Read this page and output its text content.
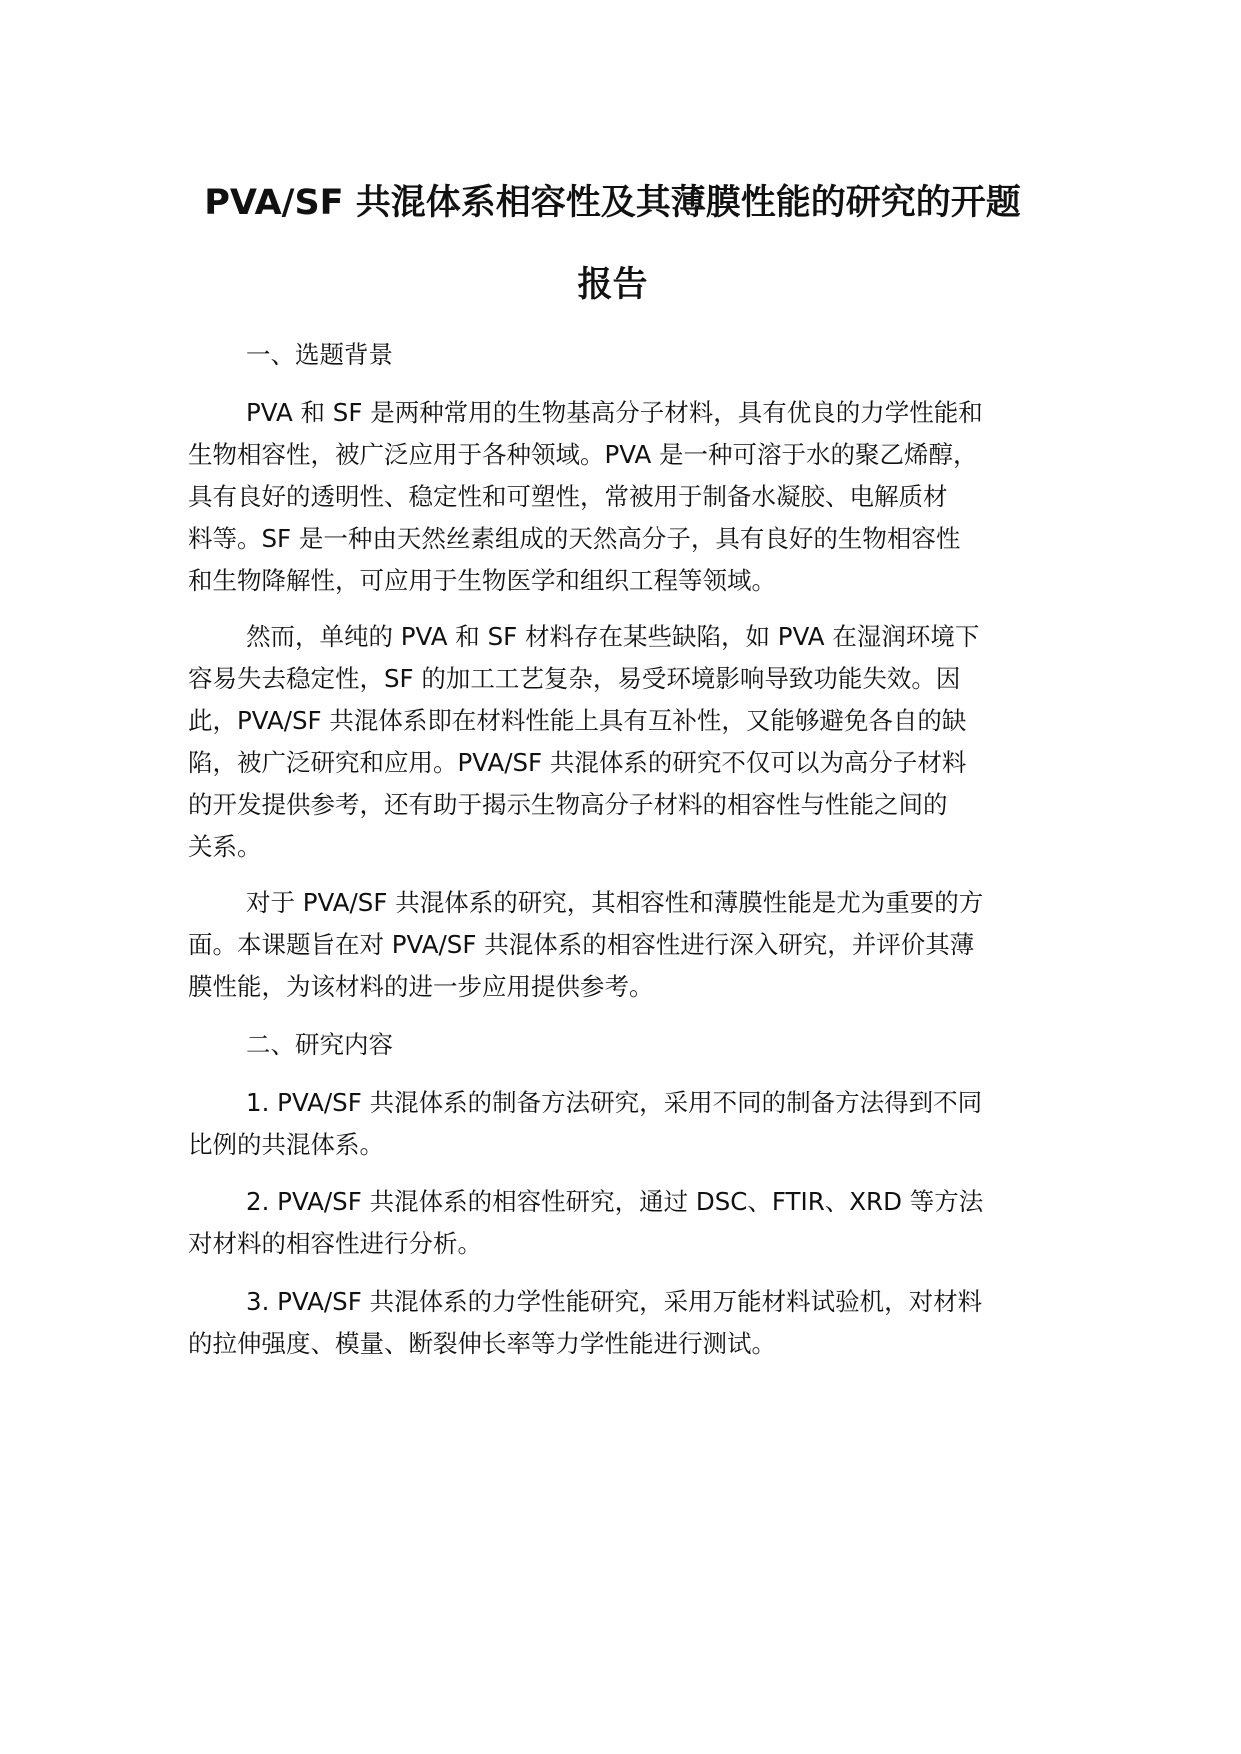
PVA/SF 共混体系相容性及其薄膜性能的研究的开题
报告
一、选题背景
PVA 和 SF 是两种常用的生物基高分子材料，具有优良的力学性能和
生物相容性，被广泛应用于各种领域。PVA 是一种可溶于水的聚乙烯醇，
具有良好的透明性、稳定性和可塑性，常被用于制备水凝胶、电解质材
料等。SF 是一种由天然丝素组成的天然高分子，具有良好的生物相容性
和生物降解性，可应用于生物医学和组织工程等领域。
然而，单纯的 PVA 和 SF 材料存在某些缺陷，如 PVA 在湿润环境下
容易失去稳定性，SF 的加工工艺复杂，易受环境影响导致功能失效。因
此，PVA/SF 共混体系即在材料性能上具有互补性，又能够避免各自的缺
陷，被广泛研究和应用。PVA/SF 共混体系的研究不仅可以为高分子材料
的开发提供参考，还有助于揭示生物高分子材料的相容性与性能之间的
关系。
对于 PVA/SF 共混体系的研究，其相容性和薄膜性能是尤为重要的方
面。本课题旨在对 PVA/SF 共混体系的相容性进行深入研究，并评价其薄
膜性能，为该材料的进一步应用提供参考。
二、研究内容
1. PVA/SF 共混体系的制备方法研究，采用不同的制备方法得到不同
比例的共混体系。
2. PVA/SF 共混体系的相容性研究，通过 DSC、FTIR、XRD 等方法
对材料的相容性进行分析。
3. PVA/SF 共混体系的力学性能研究，采用万能材料试验机，对材料
的拉伸强度、模量、断裂伸长率等力学性能进行测试。
